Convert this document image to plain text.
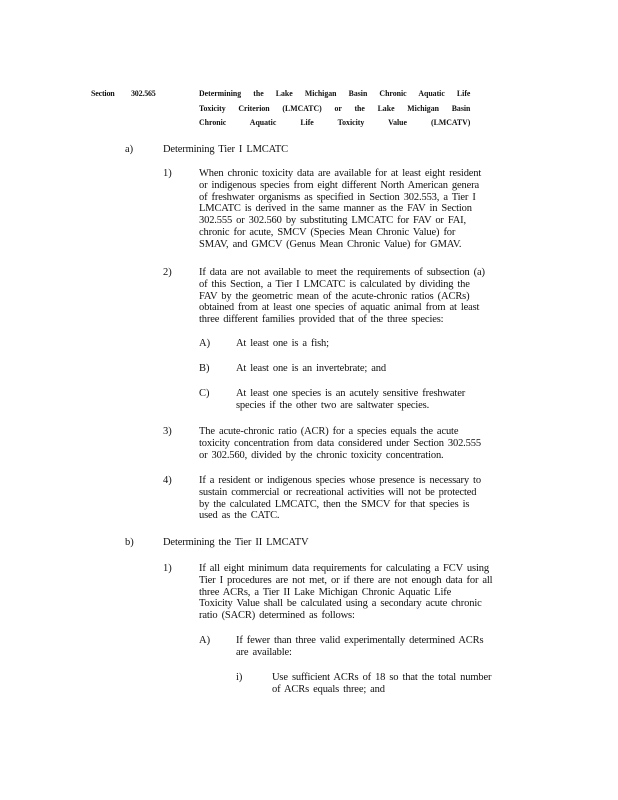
Section 302.565	Determining the Lake Michigan Basin Chronic Aquatic Life
Toxicity Criterion (LMCATC) or the Lake Michigan Basin
Chronic Aquatic Life Toxicity Value (LMCATV)
a)	Determining Tier I LMCATC
1)	When chronic toxicity data are available for at least eight resident
or indigenous species from eight different North American genera
of freshwater organisms as specified in Section 302.553, a Tier I
LMCATC is derived in the same manner as the FAV in Section
302.555 or 302.560 by substituting LMCATC for FAV or FAI,
chronic for acute, SMCV (Species Mean Chronic Value) for
SMAV, and GMCV (Genus Mean Chronic Value) for GMAV.
2)	If data are not available to meet the requirements of subsection (a)
of this Section, a Tier I LMCATC is calculated by dividing the
FAV by the geometric mean of the acute-chronic ratios (ACRs)
obtained from at least one species of aquatic animal from at least
three different families provided that of the three species:
A) At least one is a fish;
B)	At least one is an invertebrate; and
C)	At least one species is an acutely sensitive freshwater
species if the other two are saltwater species.
3)	The acute-chronic ratio (ACR) for a species equals the acute
toxicity concentration from data considered under Section 302.555
or 302.560, divided by the chronic toxicity concentration.
4)	If a resident or indigenous species whose presence is necessary to
sustain commercial or recreational activities will not be protected
by the calculated LMCATC, then the SMCV for that species is
used as the CATC.
b)	Determining the Tier II LMCATV
1)	If all eight minimum data requirements for calculating a FCV using
Tier I procedures are not met, or if there are not enough data for all
three ACRs, a Tier II Lake Michigan Chronic Aquatic Life
Toxicity Value shall be calculated using a secondary acute chronic
ratio (SACR) determined as follows:
A) If fewer than three valid experimentally determined ACRs
are available:
i)	Use sufficient ACRs of 18 so that the total number
of ACRs equals three; and
